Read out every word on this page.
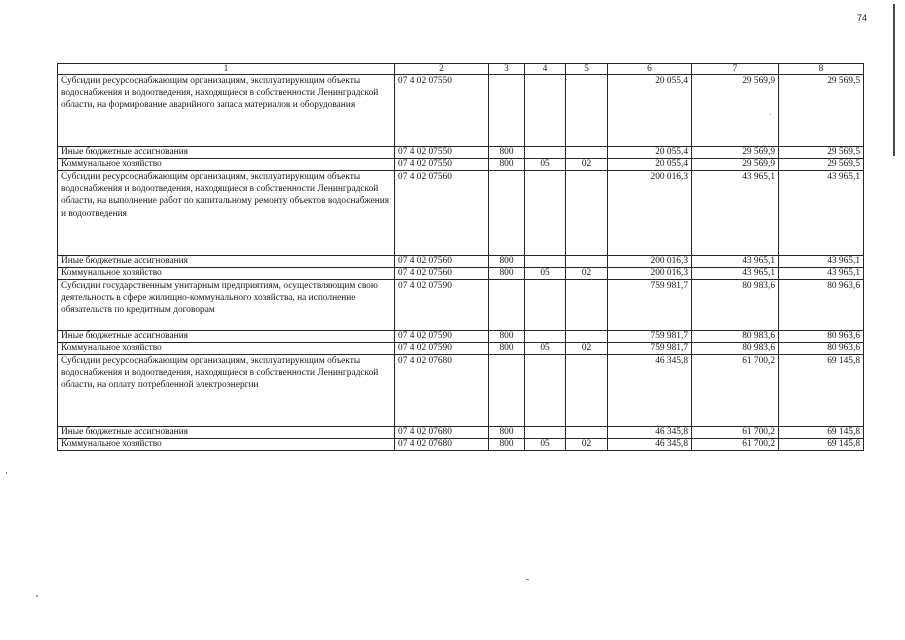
74
1	2	3	4	5	6	7	8
Субсидии ресурсоснабжающим организациям, эксплуатирующим объекты водоснабжения и водоотведения, находящиеся в собственности Ленинградской области, на формирование аварийного запаса материалов и оборудования	07 4 02 07550				20 055,4	29 569,9	29 569,5
Иные бюджетные ассигнования	07 4 02 07550	800			20 055,4	29 569,9	29 569,5
Коммунальное хозяйство	07 4 02 07550	800	05	02	20 055,4	29 569,9	29 569,5
Субсидии ресурсоснабжающим организациям, эксплуатирующим объекты водоснабжения и водоотведения, находящиеся в собственности Ленинградской области, на выполнение работ по капитальному ремонту объектов водоснабжения и водоотведения	07 4 02 07560				200 016,3	43 965,1	43 965,1
Иные бюджетные ассигнования	07 4 02 07560	800			200 016,3	43 965,1	43 965,1
Коммунальное хозяйство	07 4 02 07560	800	05	02	200 016,3	43 965,1	43 965,1
Субсидии государственным унитарным предприятиям, осуществляющим свою деятельность в сфере жилищно-коммунального хозяйства, на исполнение обязательств по кредитным договорам	07 4 02 07590				759 981,7	80 983,6	80 963,6
Иные бюджетные ассигнования	07 4 02 07590	800			759 981,7	80 983,6	80 963,6
Коммунальное хозяйство	07 4 02 07590	800	05	02	759 981,7	80 983,6	80 963,6
Субсидии ресурсоснабжающим организациям, эксплуатирующим объекты водоснабжения и водоотведения, находящиеся в собственности Ленинградской области, на оплату потребленной электроэнергии	07 4 02 07680				46 345,8	61 700,2	69 145,8
Иные бюджетные ассигнования	07 4 02 07680	800			46 345,8	61 700,2	69 145,8
Коммунальное хозяйство	07 4 02 07680	800	05	02	46 345,8	61 700,2	69 145,8
